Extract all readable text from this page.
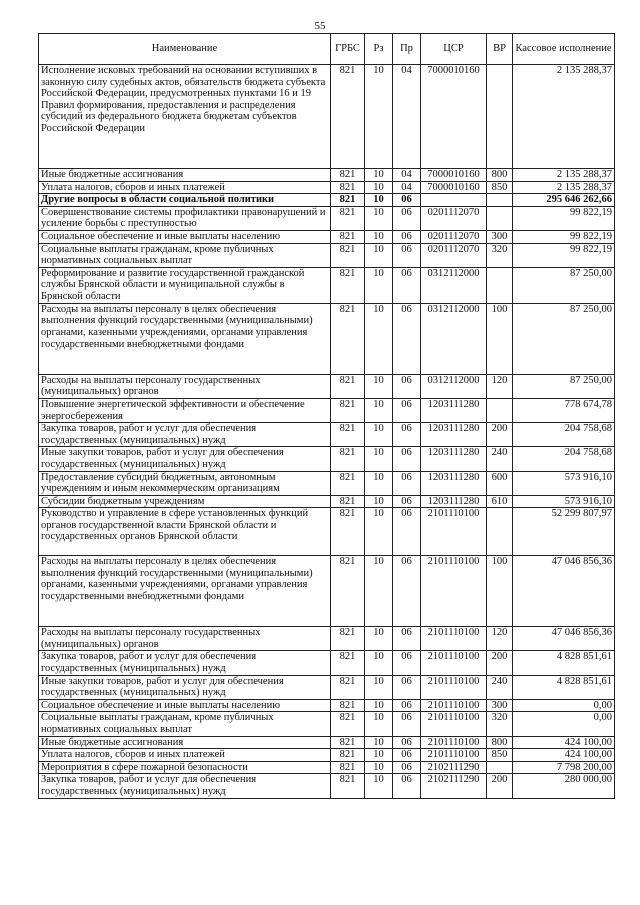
55
Наименование	ГРБС	Рз	Пр	ЦСР	ВР	Кассовое исполнение
Исполнение исковых требований на основании вступивших в законную силу судебных актов, обязательств бюджета субъекта Российской Федерации, предусмотренных пунктами 16 и 19 Правил формирования, предоставления и распределения субсидий из федерального бюджета бюджетам субъектов Российской Федерации	821	10	04	7000010160		2 135 288,37
Иные бюджетные ассигнования	821	10	04	7000010160	800	2 135 288,37
Уплата налогов, сборов и иных платежей	821	10	04	7000010160	850	2 135 288,37
Другие вопросы в области социальной политики	821	10	06			295 646 262,66
Совершенствование системы профилактики правонарушений и усиление борьбы с преступностью	821	10	06	0201112070		99 822,19
Социальное обеспечение и иные выплаты населению	821	10	06	0201112070	300	99 822,19
Социальные выплаты гражданам, кроме публичных нормативных социальных выплат	821	10	06	0201112070	320	99 822,19
Реформирование и развитие государственной гражданской службы Брянской области и муниципальной службы в Брянской области	821	10	06	0312112000		87 250,00
Расходы на выплаты персоналу в целях обеспечения выполнения функций государственными (муниципальными) органами, казенными учреждениями, органами управления государственными внебюджетными фондами	821	10	06	0312112000	100	87 250,00
Расходы на выплаты персоналу государственных (муниципальных) органов	821	10	06	0312112000	120	87 250,00
Повышение энергетической эффективности и обеспечение энергосбережения	821	10	06	1203111280		778 674,78
Закупка товаров, работ и услуг для обеспечения государственных (муниципальных) нужд	821	10	06	1203111280	200	204 758,68
Иные закупки товаров, работ и услуг для обеспечения государственных (муниципальных) нужд	821	10	06	1203111280	240	204 758,68
Предоставление субсидий бюджетным, автономным учреждениям и иным некоммерческим организациям	821	10	06	1203111280	600	573 916,10
Субсидии бюджетным учреждениям	821	10	06	1203111280	610	573 916,10
Руководство и управление в сфере установленных функций органов государственной власти Брянской области и государственных органов Брянской области	821	10	06	2101110100		52 299 807,97
Расходы на выплаты персоналу в целях обеспечения выполнения функций государственными (муниципальными) органами, казенными учреждениями, органами управления государственными внебюджетными фондами	821	10	06	2101110100	100	47 046 856,36
Расходы на выплаты персоналу государственных (муниципальных) органов	821	10	06	2101110100	120	47 046 856,36
Закупка товаров, работ и услуг для обеспечения государственных (муниципальных) нужд	821	10	06	2101110100	200	4 828 851,61
Иные закупки товаров, работ и услуг для обеспечения государственных (муниципальных) нужд	821	10	06	2101110100	240	4 828 851,61
Социальное обеспечение и иные выплаты населению	821	10	06	2101110100	300	0,00
Социальные выплаты гражданам, кроме публичных нормативных социальных выплат	821	10	06	2101110100	320	0,00
Иные бюджетные ассигнования	821	10	06	2101110100	800	424 100,00
Уплата налогов, сборов и иных платежей	821	10	06	2101110100	850	424 100,00
Мероприятия в сфере пожарной безопасности	821	10	06	2102111290		7 798 200,00
Закупка товаров, работ и услуг для обеспечения государственных (муниципальных) нужд	821	10	06	2102111290	200	280 000,00
